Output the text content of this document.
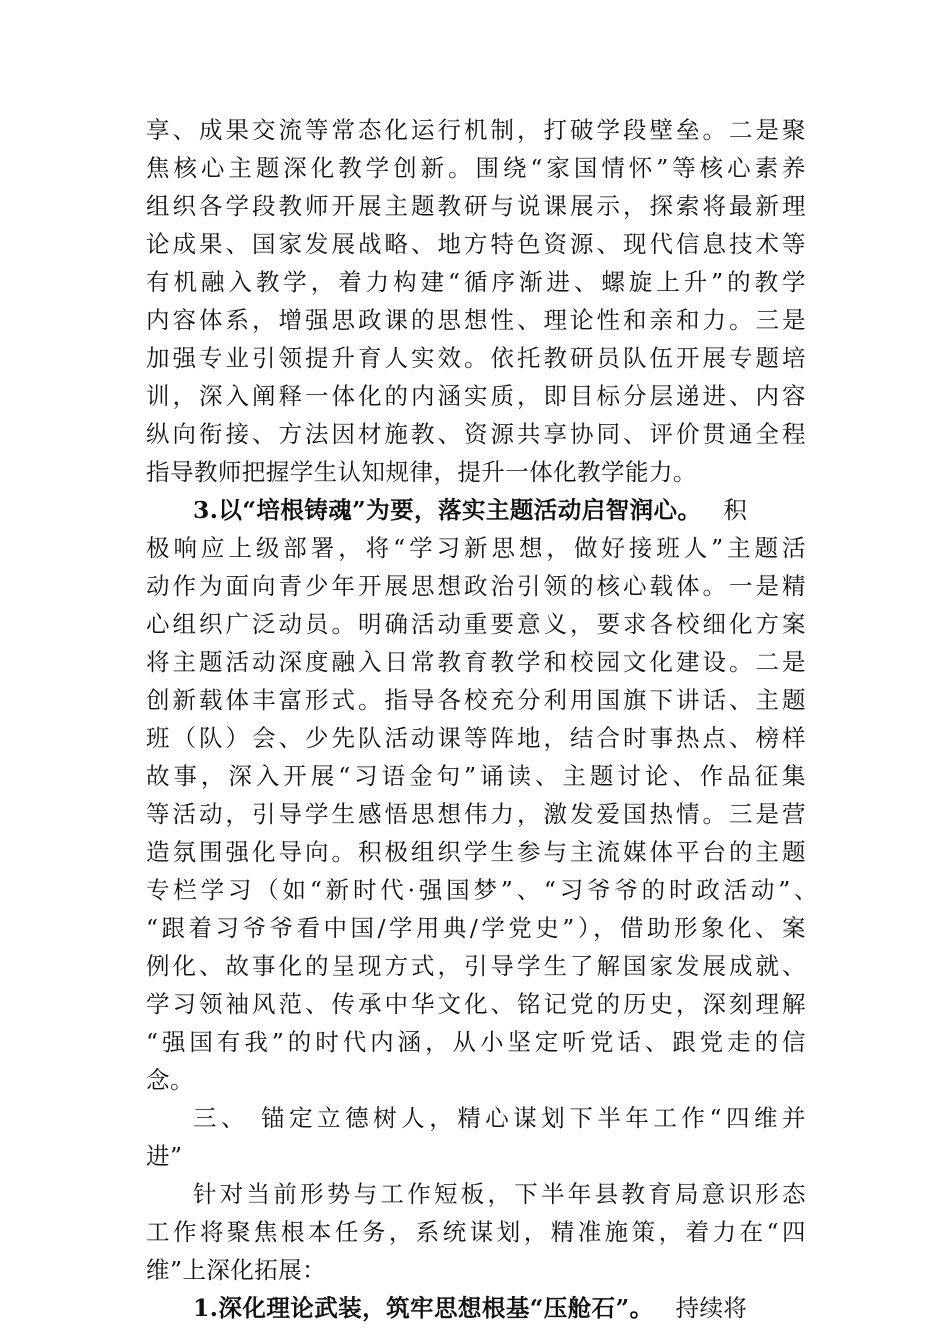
享、成果交流等常态化运行机制，打破学段壁垒。二是聚
焦核心主题深化教学创新。围绕“家国情怀”等核心素养
组织各学段教师开展主题教研与说课展示，探索将最新理
论成果、国家发展战略、地方特色资源、现代信息技术等
有机融入教学，着力构建“循序渐进、螺旋上升”的教学
内容体系，增强思政课的思想性、理论性和亲和力。三是
加强专业引领提升育人实效。依托教研员队伍开展专题培
训，深入阐释一体化的内涵实质，即目标分层递进、内容
纵向衔接、方法因材施教、资源共享协同、评价贯通全程
指导教师把握学生认知规律，提升一体化教学能力。
3.以“培根铸魂”为要，落实主题活动启智润心。 积
极响应上级部署，将“学习新思想，做好接班人”主题活
动作为面向青少年开展思想政治引领的核心载体。一是精
心组织广泛动员。明确活动重要意义，要求各校细化方案
将主题活动深度融入日常教育教学和校园文化建设。二是
创新载体丰富形式。指导各校充分利用国旗下讲话、主题
班（队）会、少先队活动课等阵地，结合时事热点、榜样
故事，深入开展“习语金句”诵读、主题讨论、作品征集
等活动，引导学生感悟思想伟力，激发爱国热情。三是营
造氛围强化导向。积极组织学生参与主流媒体平台的主题
专栏学习（如“新时代·强国梦”、“习爷爷的时政活动”、
“跟着习爷爷看中国/学用典/学党史”），借助形象化、案
例化、故事化的呈现方式，引导学生了解国家发展成就、
学习领袖风范、传承中华文化、铭记党的历史，深刻理解
“强国有我”的时代内涵，从小坚定听党话、跟党走的信
念。
三、 锚定立德树人，精心谋划下半年工作“四维并
进”
针对当前形势与工作短板，下半年县教育局意识形态
工作将聚焦根本任务，系统谋划，精准施策，着力在“四
维”上深化拓展：
1.深化理论武装，筑牢思想根基“压舱石”。 持续将
